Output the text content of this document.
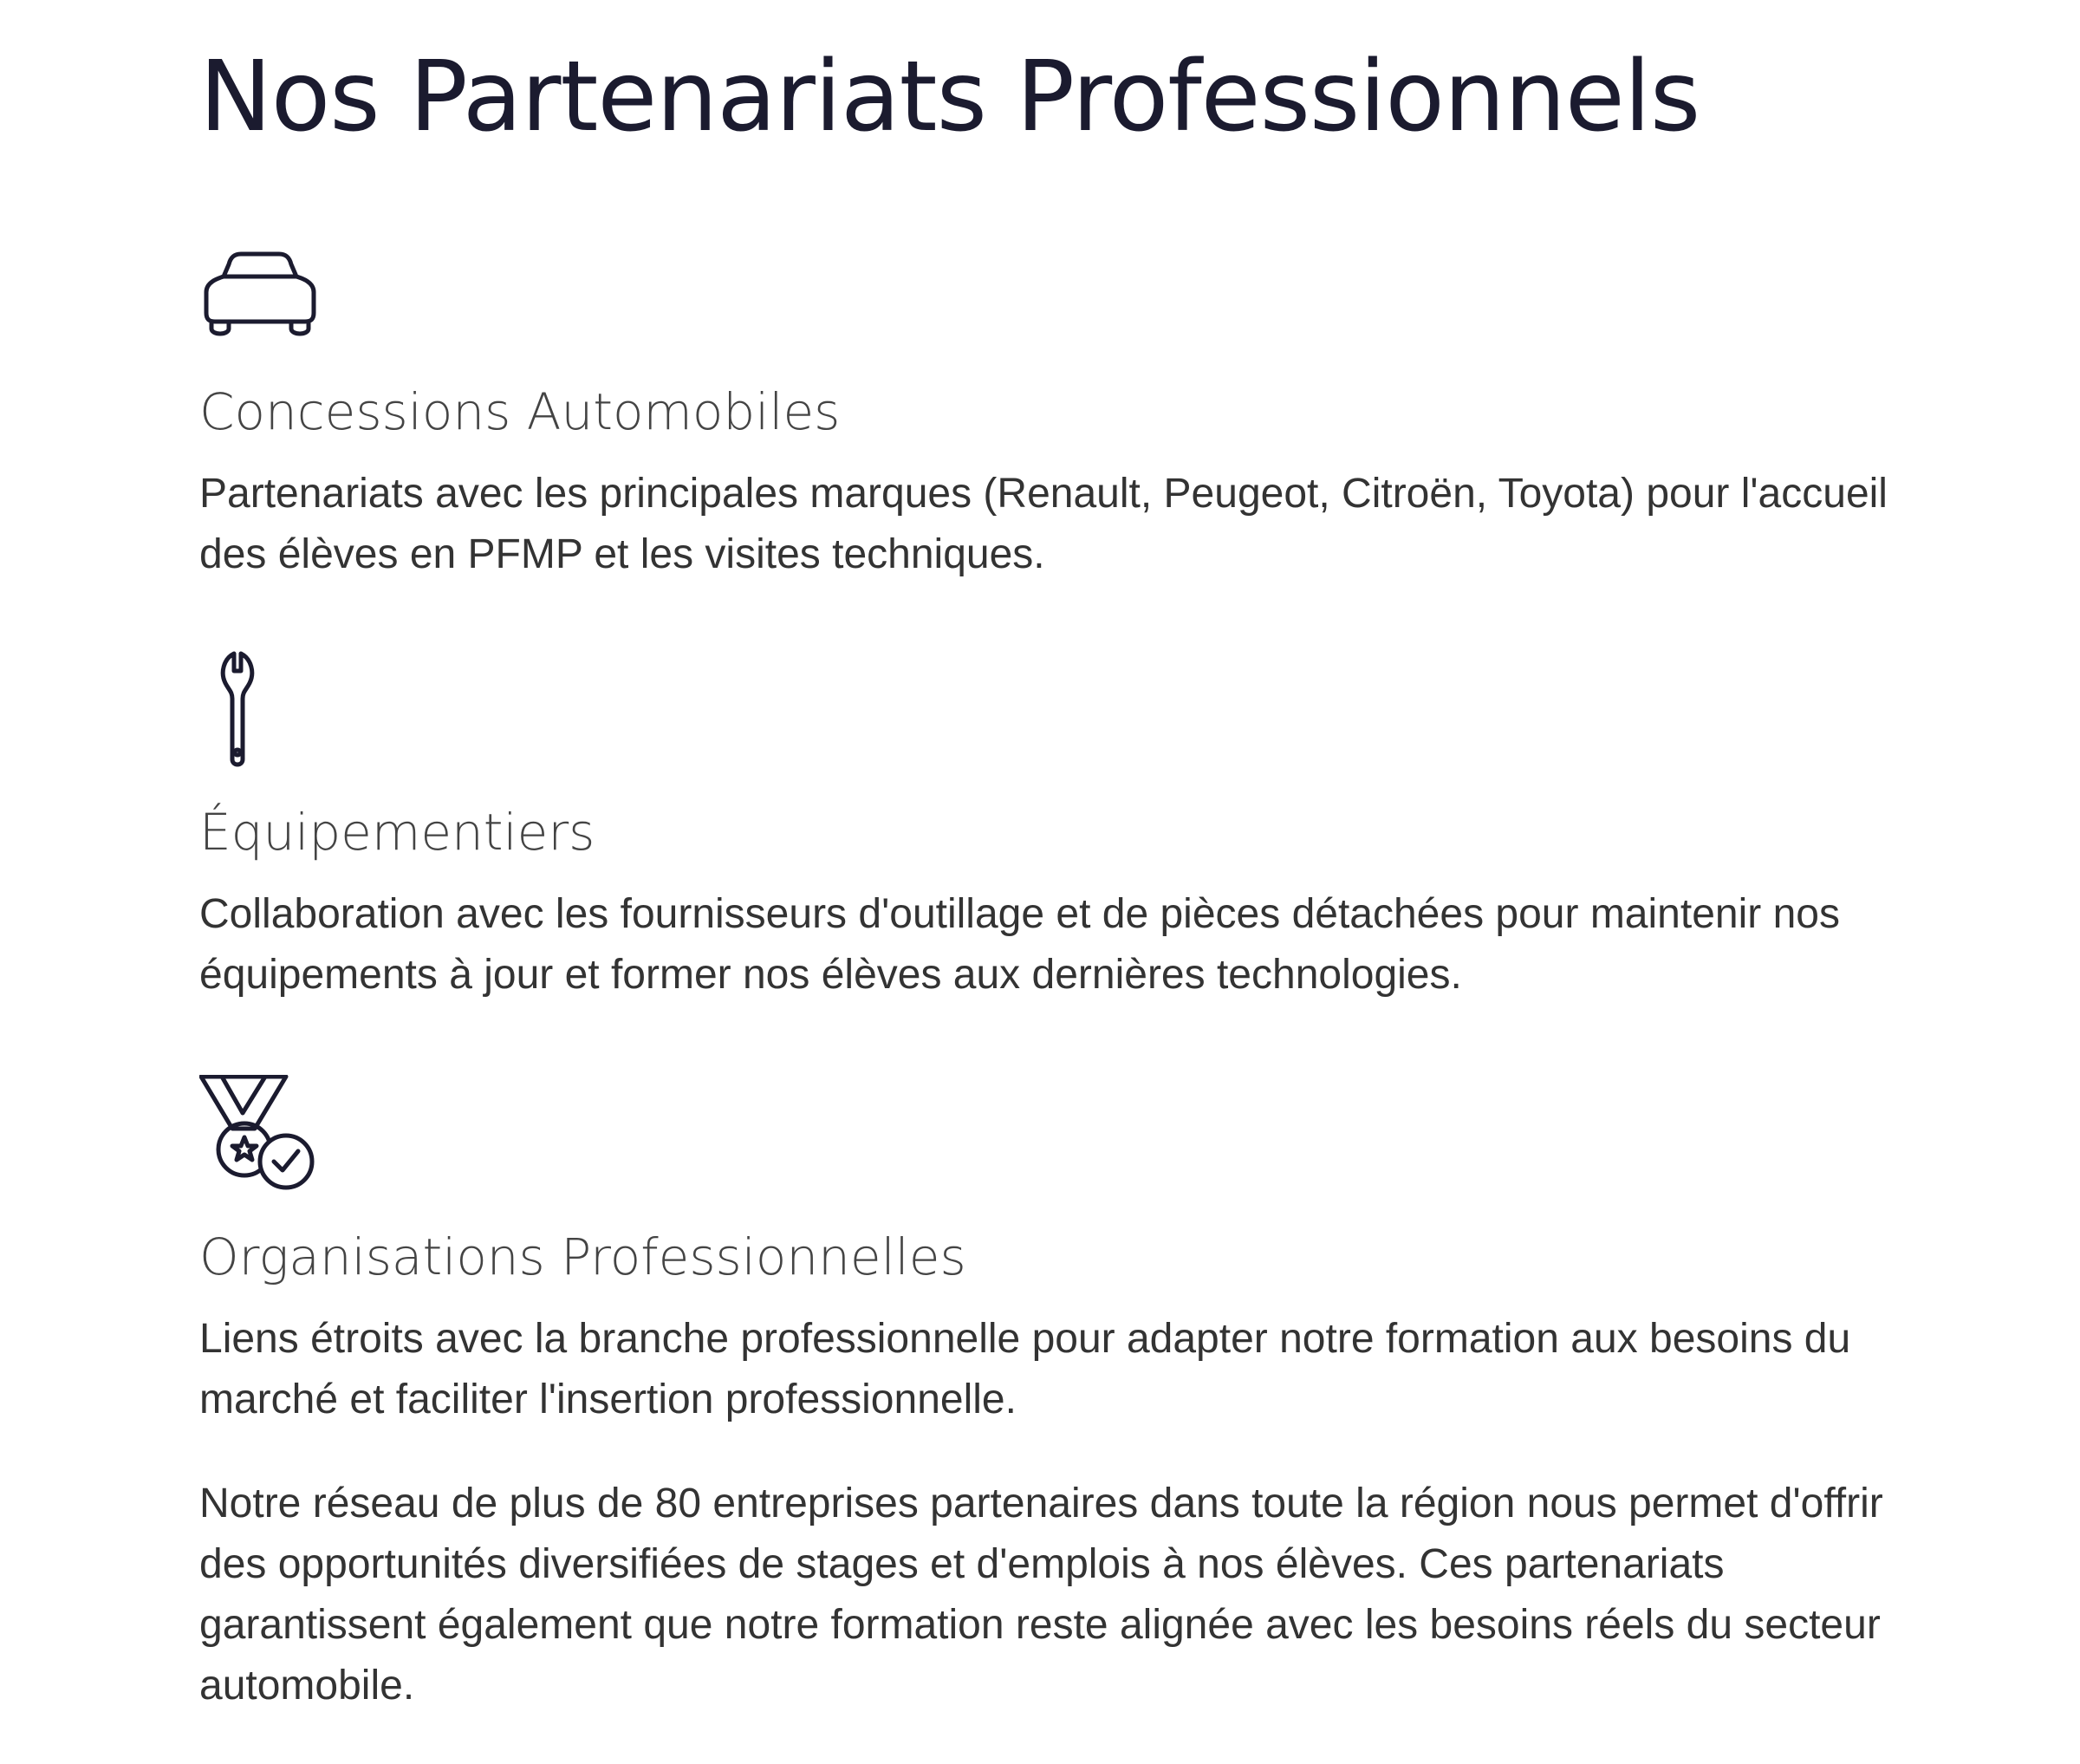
Nos Partenariats Professionnels
Concessions Automobiles

Partenariats avec les principales marques (Renault, Peugeot, Citroën, Toyota) pour l'accueil des élèves en PFMP et les visites techniques.

Équipementiers

Collaboration avec les fournisseurs d'outillage et de pièces détachées pour maintenir nos équipements à jour et former nos élèves aux dernières technologies.

Organisations Professionnelles

Liens étroits avec la branche professionnelle pour adapter notre formation aux besoins du marché et faciliter l'insertion professionnelle.

Notre réseau de plus de 80 entreprises partenaires dans toute la région nous permet d'offrir des opportunités diversifiées de stages et d'emplois à nos élèves. Ces partenariats garantissent également que notre formation reste alignée avec les besoins réels du secteur automobile.
